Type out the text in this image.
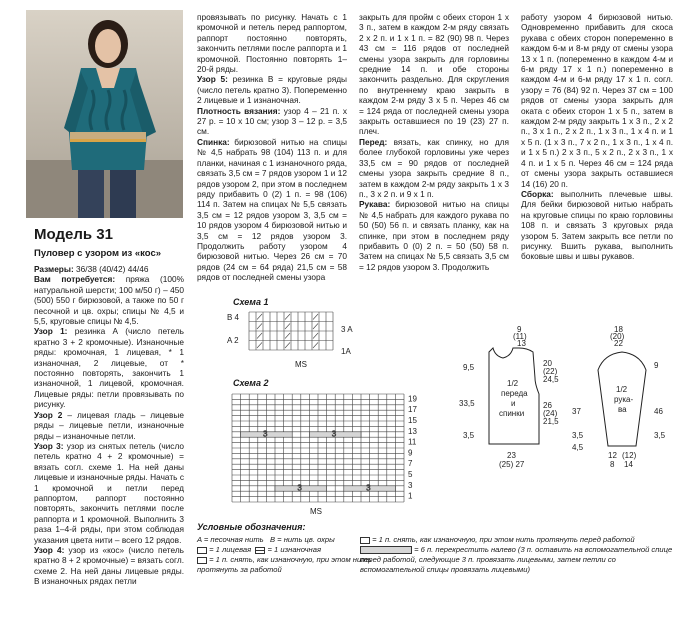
Модель 31
Пуловер с узором из «кос»

Размеры: 36/38 (40/42) 44/46

Вам потребуется: пряжа (100% натуральной шерсти; 100 м/50 г) – 450 (500) 550 г бирюзовой, а также по 50 г песочной и цв. охры; спицы № 4,5 и 5,5, круговые спицы № 4,5.

Узор 1: резинка А (число петель кратно 3 + 2 кромочные). Изнаночные ряды: кромочная, 1 лицевая, * 1 изнаночная, 2 лицевые, от * постоянно повторять, закончить 1 изнаночной, 1 лицевой, кромочная. Лицевые ряды: петли провязывать по рисунку.

Узор 2 – лицевая гладь – лицевые ряды – лицевые петли, изнаночные ряды – изнаночные петли.

Узор 3: узор из снятых петель (число петель кратно 4 + 2 кромочные) = вязать согл. схеме 1. На ней даны лицевые и изнаночные ряды. Начать с 1 кромочной и петли перед раппортом, раппорт постоянно повторять, закончить петлями после раппорта и 1 кромочной. Выполнить 3 раза 1–4-й ряды, при этом соблюдая указания цвета нити – всего 12 рядов.

Узор 4: узор из «кос» (число петель кратно 8 + 2 кромочные) = вязать согл. схеме 2. На ней даны лицевые ряды. В изнаночных рядах петли

провязывать по рисунку. Начать с 1 кромочной и петель перед раппортом, раппорт постоянно повторять, закончить петлями после раппорта и 1 кромочной. Постоянно повторять 1–20-й ряды.

Узор 5: резинка В = круговые ряды (число петель кратно 3). Попеременно 2 лицевые и 1 изнаночная.

Плотность вязания: узор 4 – 21 п. х 27 р. = 10 х 10 см; узор 3 – 12 р. = 3,5 см.

Спинка: бирюзовой нитью на спицы № 4,5 набрать 98 (104) 113 п. и для планки, начиная с 1 изнаночного ряда, связать 3,5 см = 7 рядов узором 1 и 12 рядов узором 2, при этом в последнем ряду прибавить 0 (2) 1 п. = 98 (106) 114 п. Затем на спицах № 5,5 связать 3,5 см = 12 рядов узором 3, 3,5 см = 10 рядов узором 4 бирюзовой нитью и 3,5 см = 12 рядов узором 3. Продолжить работу узором 4 бирюзовой нитью. Через 26 см = 70 рядов (24 см = 64 ряда) 21,5 см = 58 рядов от последней смены узора

закрыть для пройм с обеих сторон 1 х 3 п., затем в каждом 2-м ряду связать 2 х 2 п. и 1 х 1 п. = 82 (90) 98 п. Через 43 см = 116 рядов от последней смены узора закрыть для горловины средние 14 п. и обе стороны закончить раздельно. Для скругления по внутреннему краю закрыть в каждом 2-м ряду 3 х 5 п. Через 46 см = 124 ряда от последней смены узора закрыть оставшиеся по 19 (23) 27 п. плеч.

Перед: вязать, как спинку, но для более глубокой горловины уже через 33,5 см = 90 рядов от последней смены узора закрыть средние 8 п., затем в каждом 2-м ряду закрыть 1 х 3 п., 3 х 2 п. и 9 х 1 п.

Рукава: бирюзовой нитью на спицы № 4,5 набрать для каждого рукава по 50 (50) 56 п. и связать планку, как на спинке, при этом в последнем ряду прибавить 0 (0) 2 п. = 50 (50) 58 п. Затем на спицах № 5,5 связать 3,5 см = 12 рядов узором 3. Продолжить

работу узором 4 бирюзовой нитью. Одновременно прибавить для скоса рукава с обеих сторон попеременно в каждом 6-м и 8-м ряду от смены узора 13 х 1 п. (попеременно в каждом 4-м и 6-м ряду 17 х 1 п.) попеременно в каждом 4-м и 6-м ряду 17 х 1 п. согл. узору = 76 (84) 92 п. Через 37 см = 100 рядов от смены узора закрыть для оката с обеих сторон 1 х 5 п., затем в каждом 2-м ряду закрыть 1 х 3 п., 2 х 2 п., 3 х 1 п., 2 х 2 п., 1 х 3 п., 1 х 4 п. и 1 х 5 п. (1 х 3 п., 7 х 2 п., 1 х 3 п., 1 х 4 п. и 1 х 5 п.) 2 х 3 п., 5 х 2 п., 2 х 3 п., 1 х 4 п. и 1 х 5 п. Через 46 см = 124 ряда от смены узора закрыть оставшиеся 14 (16) 20 п.

Сборка: выполнить плечевые швы. Для бейки бирюзовой нитью набрать на круговые спицы по краю горловины 108 п. и связать 3 круговых ряда узором 5. Затем закрыть все петли по рисунку. Вшить рукава, выполнить боковые швы и швы рукавов.

Схема 1
B 4
A 2
3 A
1A
MS
Схема 2
3	3
3	3
19
17
15
13
11
9
7
5
3
1
MS
Условные обозначения:
A = песочная нить B = нить цв. охры
= 1 лицевая = 1 изнаночная
= 1 п. снять, как изнаночную, при этом нить протянуть за работой
= 1 п. снять, как изнаночную, при этом нить протянуть перед работой
= 6 п. перекрестить налево (3 п. оставить на вспомогательной спице перед работой, следующие 3 п. провязать лицевыми, затем петли со вспомогательной спицы провязать лицевыми)
9
(11)
13
9,5
33,5
20
(22)
24,5
26
(24)
21,5
3,5
1/2
переда
и
спинки
23
(25) 27
18
(20)
22
9
1/2
рука-
ва
37	46
3,5	3,5
12 (12)
8 14
4,5
